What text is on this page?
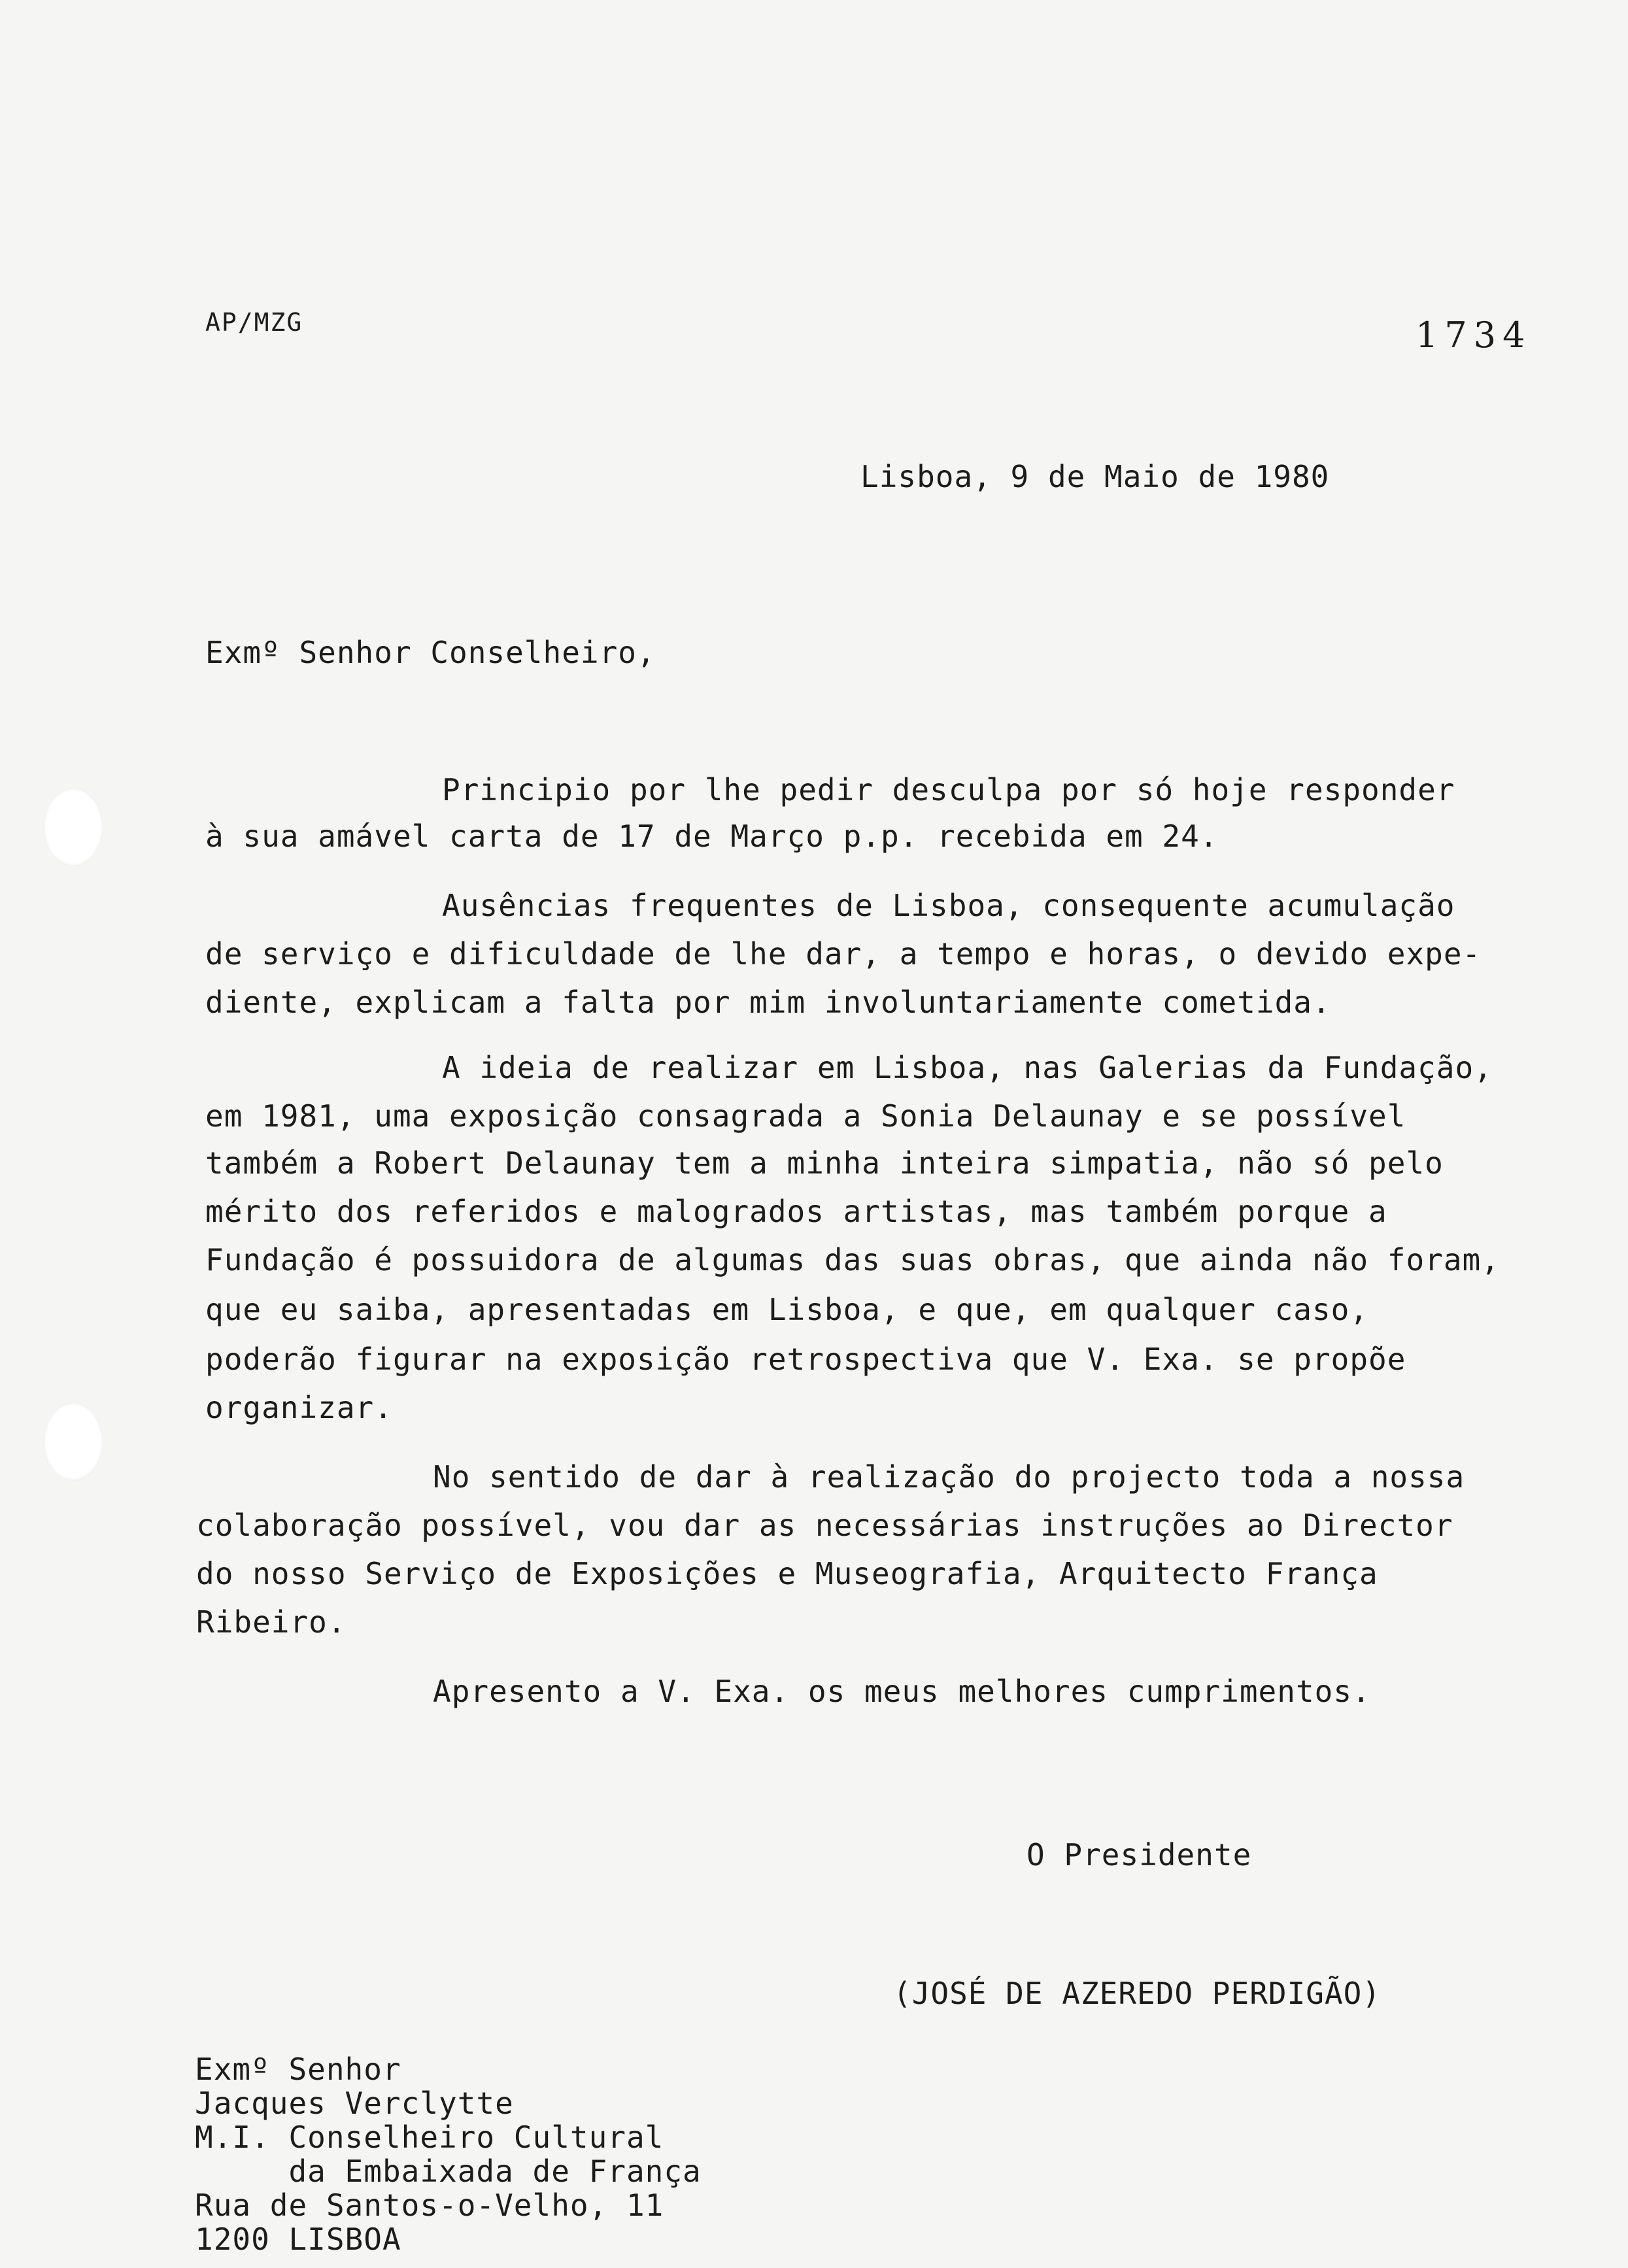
AP/MZG	1734
Lisboa, 9 de Maio de 1980
Exmº Senhor Conselheiro,
Principio por lhe pedir desculpa por só hoje responder
à sua amável carta de 17 de Março p.p. recebida em 24.
Ausências frequentes de Lisboa, consequente acumulação
de serviço e dificuldade de lhe dar, a tempo e horas, o devido expe-
diente, explicam a falta por mim involuntariamente cometida.
A ideia de realizar em Lisboa, nas Galerias da Fundação,
em 1981, uma exposição consagrada a Sonia Delaunay e se possível
também a Robert Delaunay tem a minha inteira simpatia, não só pelo
mérito dos referidos e malogrados artistas, mas também porque a
Fundação é possuidora de algumas das suas obras, que ainda não foram,
que eu saiba, apresentadas em Lisboa, e que, em qualquer caso,
poderão figurar na exposição retrospectiva que V. Exa. se propõe
organizar.
No sentido de dar à realização do projecto toda a nossa
colaboração possível, vou dar as necessárias instruções ao Director
do nosso Serviço de Exposições e Museografia, Arquitecto França
Ribeiro.
Apresento a V. Exa. os meus melhores cumprimentos.
O Presidente
(JOSÉ DE AZEREDO PERDIGÃO)
Exmº Senhor
Jacques Verclytte
M.I. Conselheiro Cultural
da Embaixada de França
Rua de Santos-o-Velho, 11
1200 LISBOA
